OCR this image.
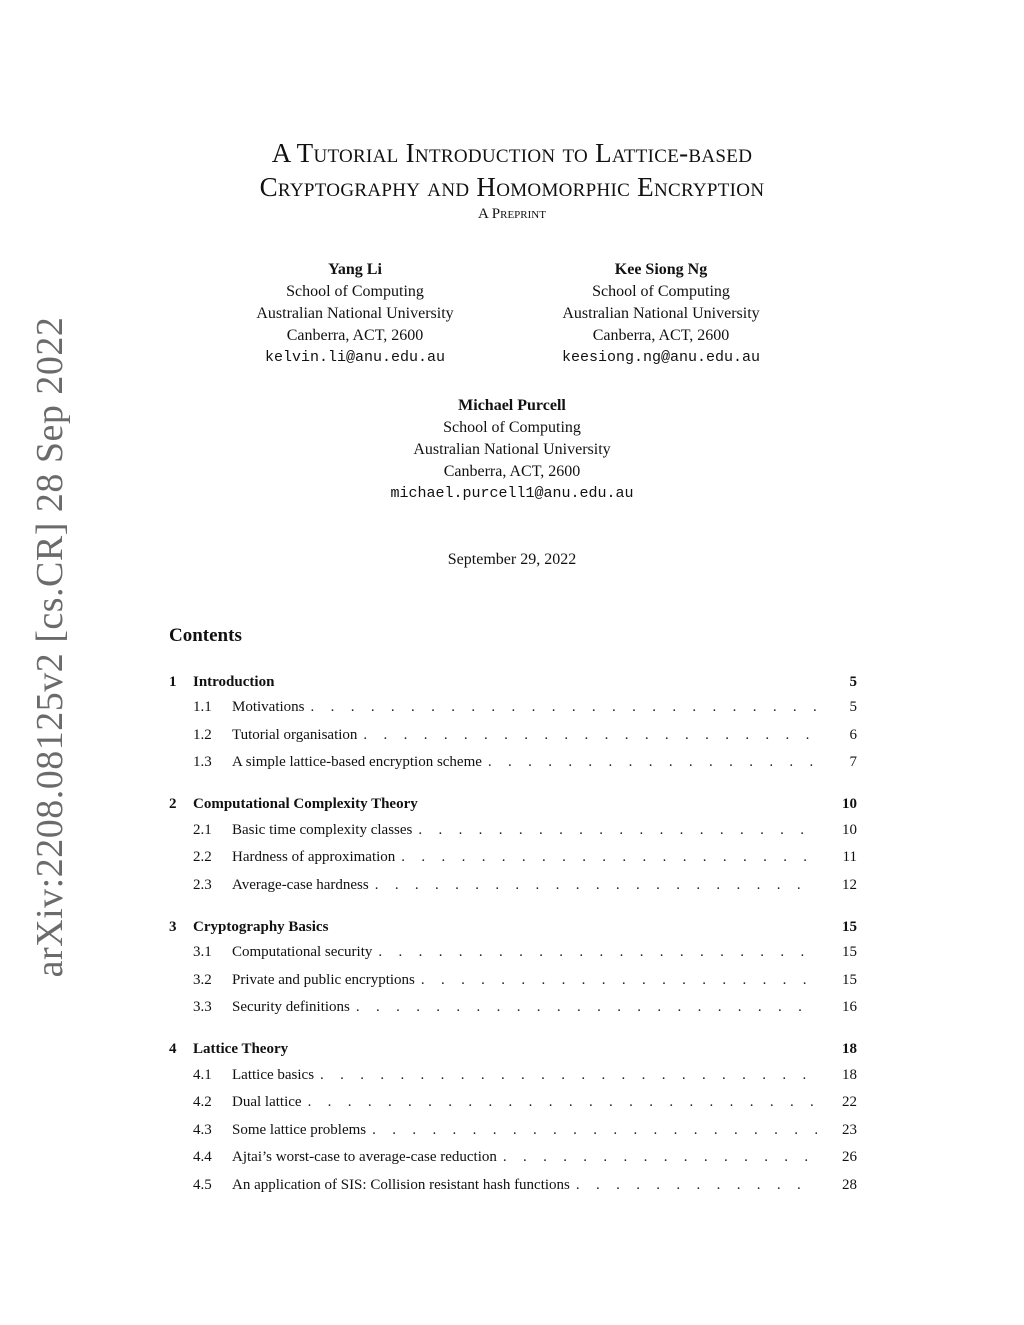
arXiv:2208.08125v2 [cs.CR] 28 Sep 2022
A Tutorial Introduction to Lattice-based
Cryptography and Homomorphic Encryption
A Preprint
Yang Li
School of Computing
Australian National University
Canberra, ACT, 2600
kelvin.li@anu.edu.au
Kee Siong Ng
School of Computing
Australian National University
Canberra, ACT, 2600
keesiong.ng@anu.edu.au
Michael Purcell
School of Computing
Australian National University
Canberra, ACT, 2600
michael.purcell1@anu.edu.au
September 29, 2022
Contents
1	Introduction	5
1.1	Motivations . . .	5
1.2	Tutorial organisation . . .	6
1.3	A simple lattice-based encryption scheme . . .	7
2	Computational Complexity Theory	10
2.1	Basic time complexity classes . . .	10
2.2	Hardness of approximation . . .	11
2.3	Average-case hardness . . .	12
3	Cryptography Basics	15
3.1	Computational security . . .	15
3.2	Private and public encryptions . . .	15
3.3	Security definitions . . .	16
4	Lattice Theory	18
4.1	Lattice basics . . .	18
4.2	Dual lattice . . .	22
4.3	Some lattice problems . . .	23
4.4	Ajtai’s worst-case to average-case reduction . . .	26
4.5	An application of SIS: Collision resistant hash functions . . .	28
